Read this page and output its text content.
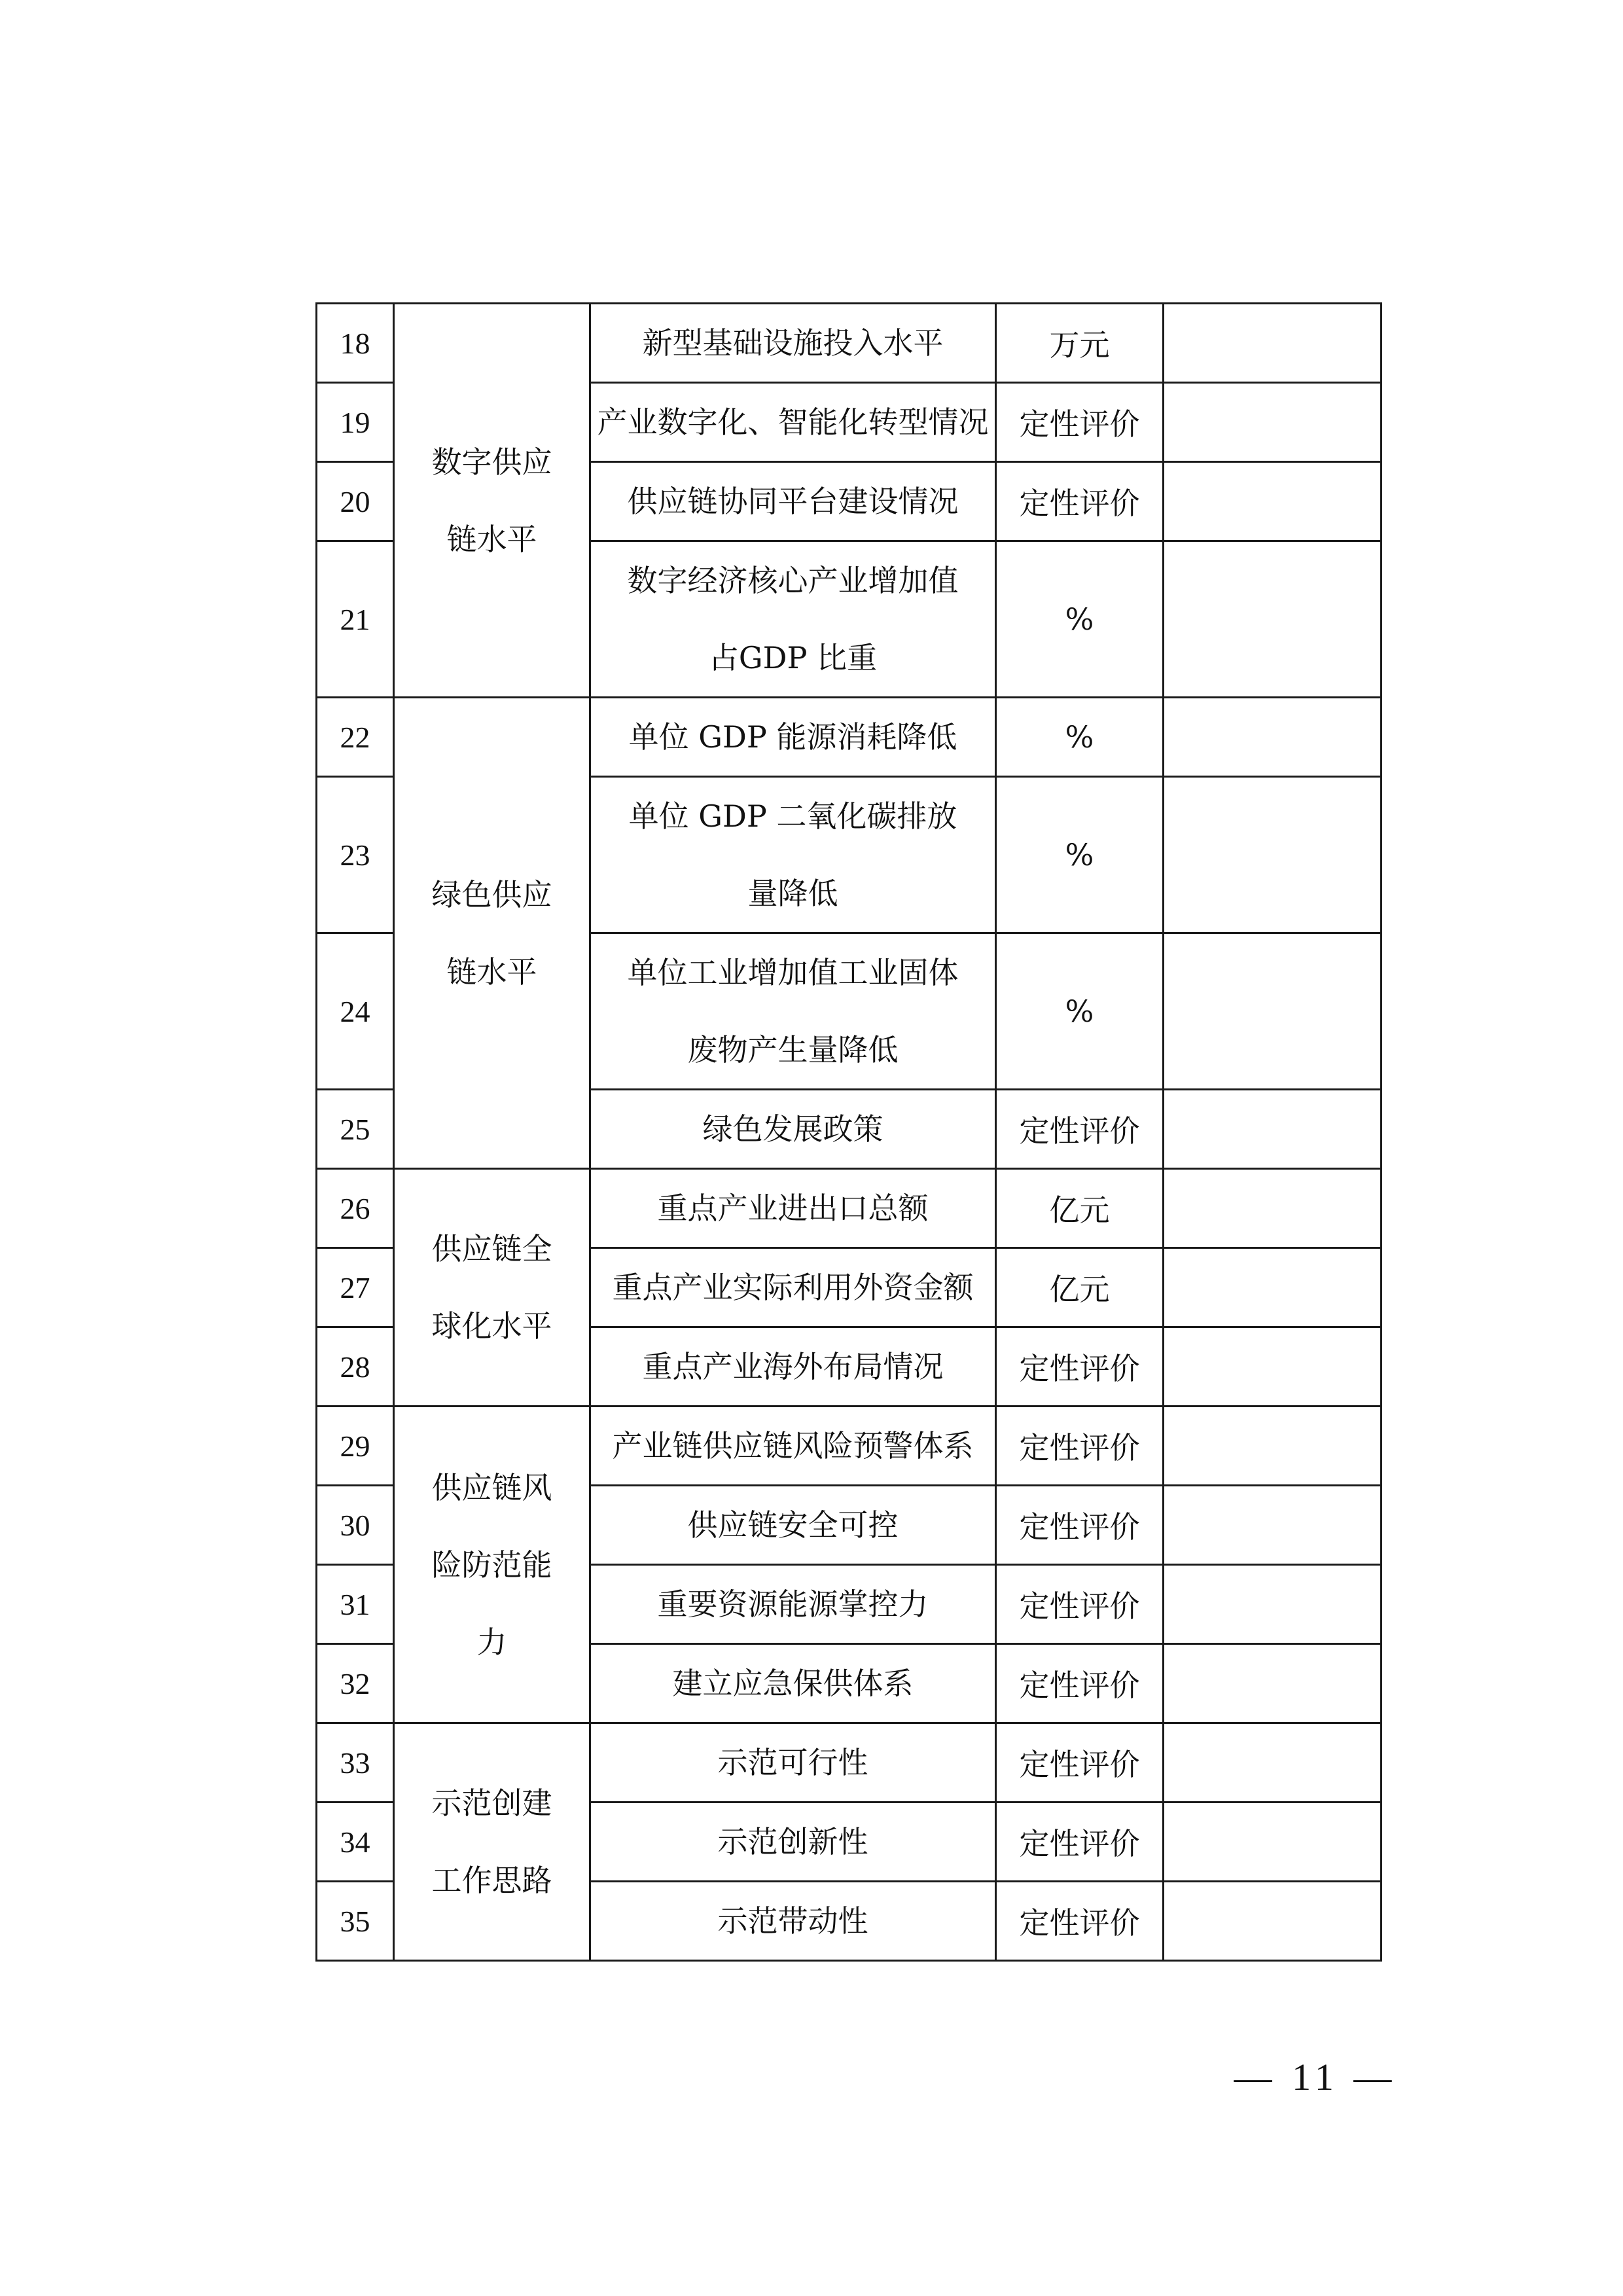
18	数字供应链水平	新型基础设施投入水平	万元	
19		产业数字化、智能化转型情况	定性评价	
20		供应链协同平台建设情况	定性评价	
21		数字经济核心产业增加值占GDP 比重	%	
22	绿色供应链水平	单位 GDP 能源消耗降低	%	
23		单位 GDP 二氧化碳排放量降低	%	
24		单位工业增加值工业固体废物产生量降低	%	
25		绿色发展政策	定性评价	
26	供应链全球化水平	重点产业进出口总额	亿元	
27		重点产业实际利用外资金额	亿元	
28		重点产业海外布局情况	定性评价	
29	供应链风险防范能力	产业链供应链风险预警体系	定性评价	
30		供应链安全可控	定性评价	
31		重要资源能源掌控力	定性评价	
32		建立应急保供体系	定性评价	
33	示范创建工作思路	示范可行性	定性评价	
34		示范创新性	定性评价	
35		示范带动性	定性评价	
— 11 —
